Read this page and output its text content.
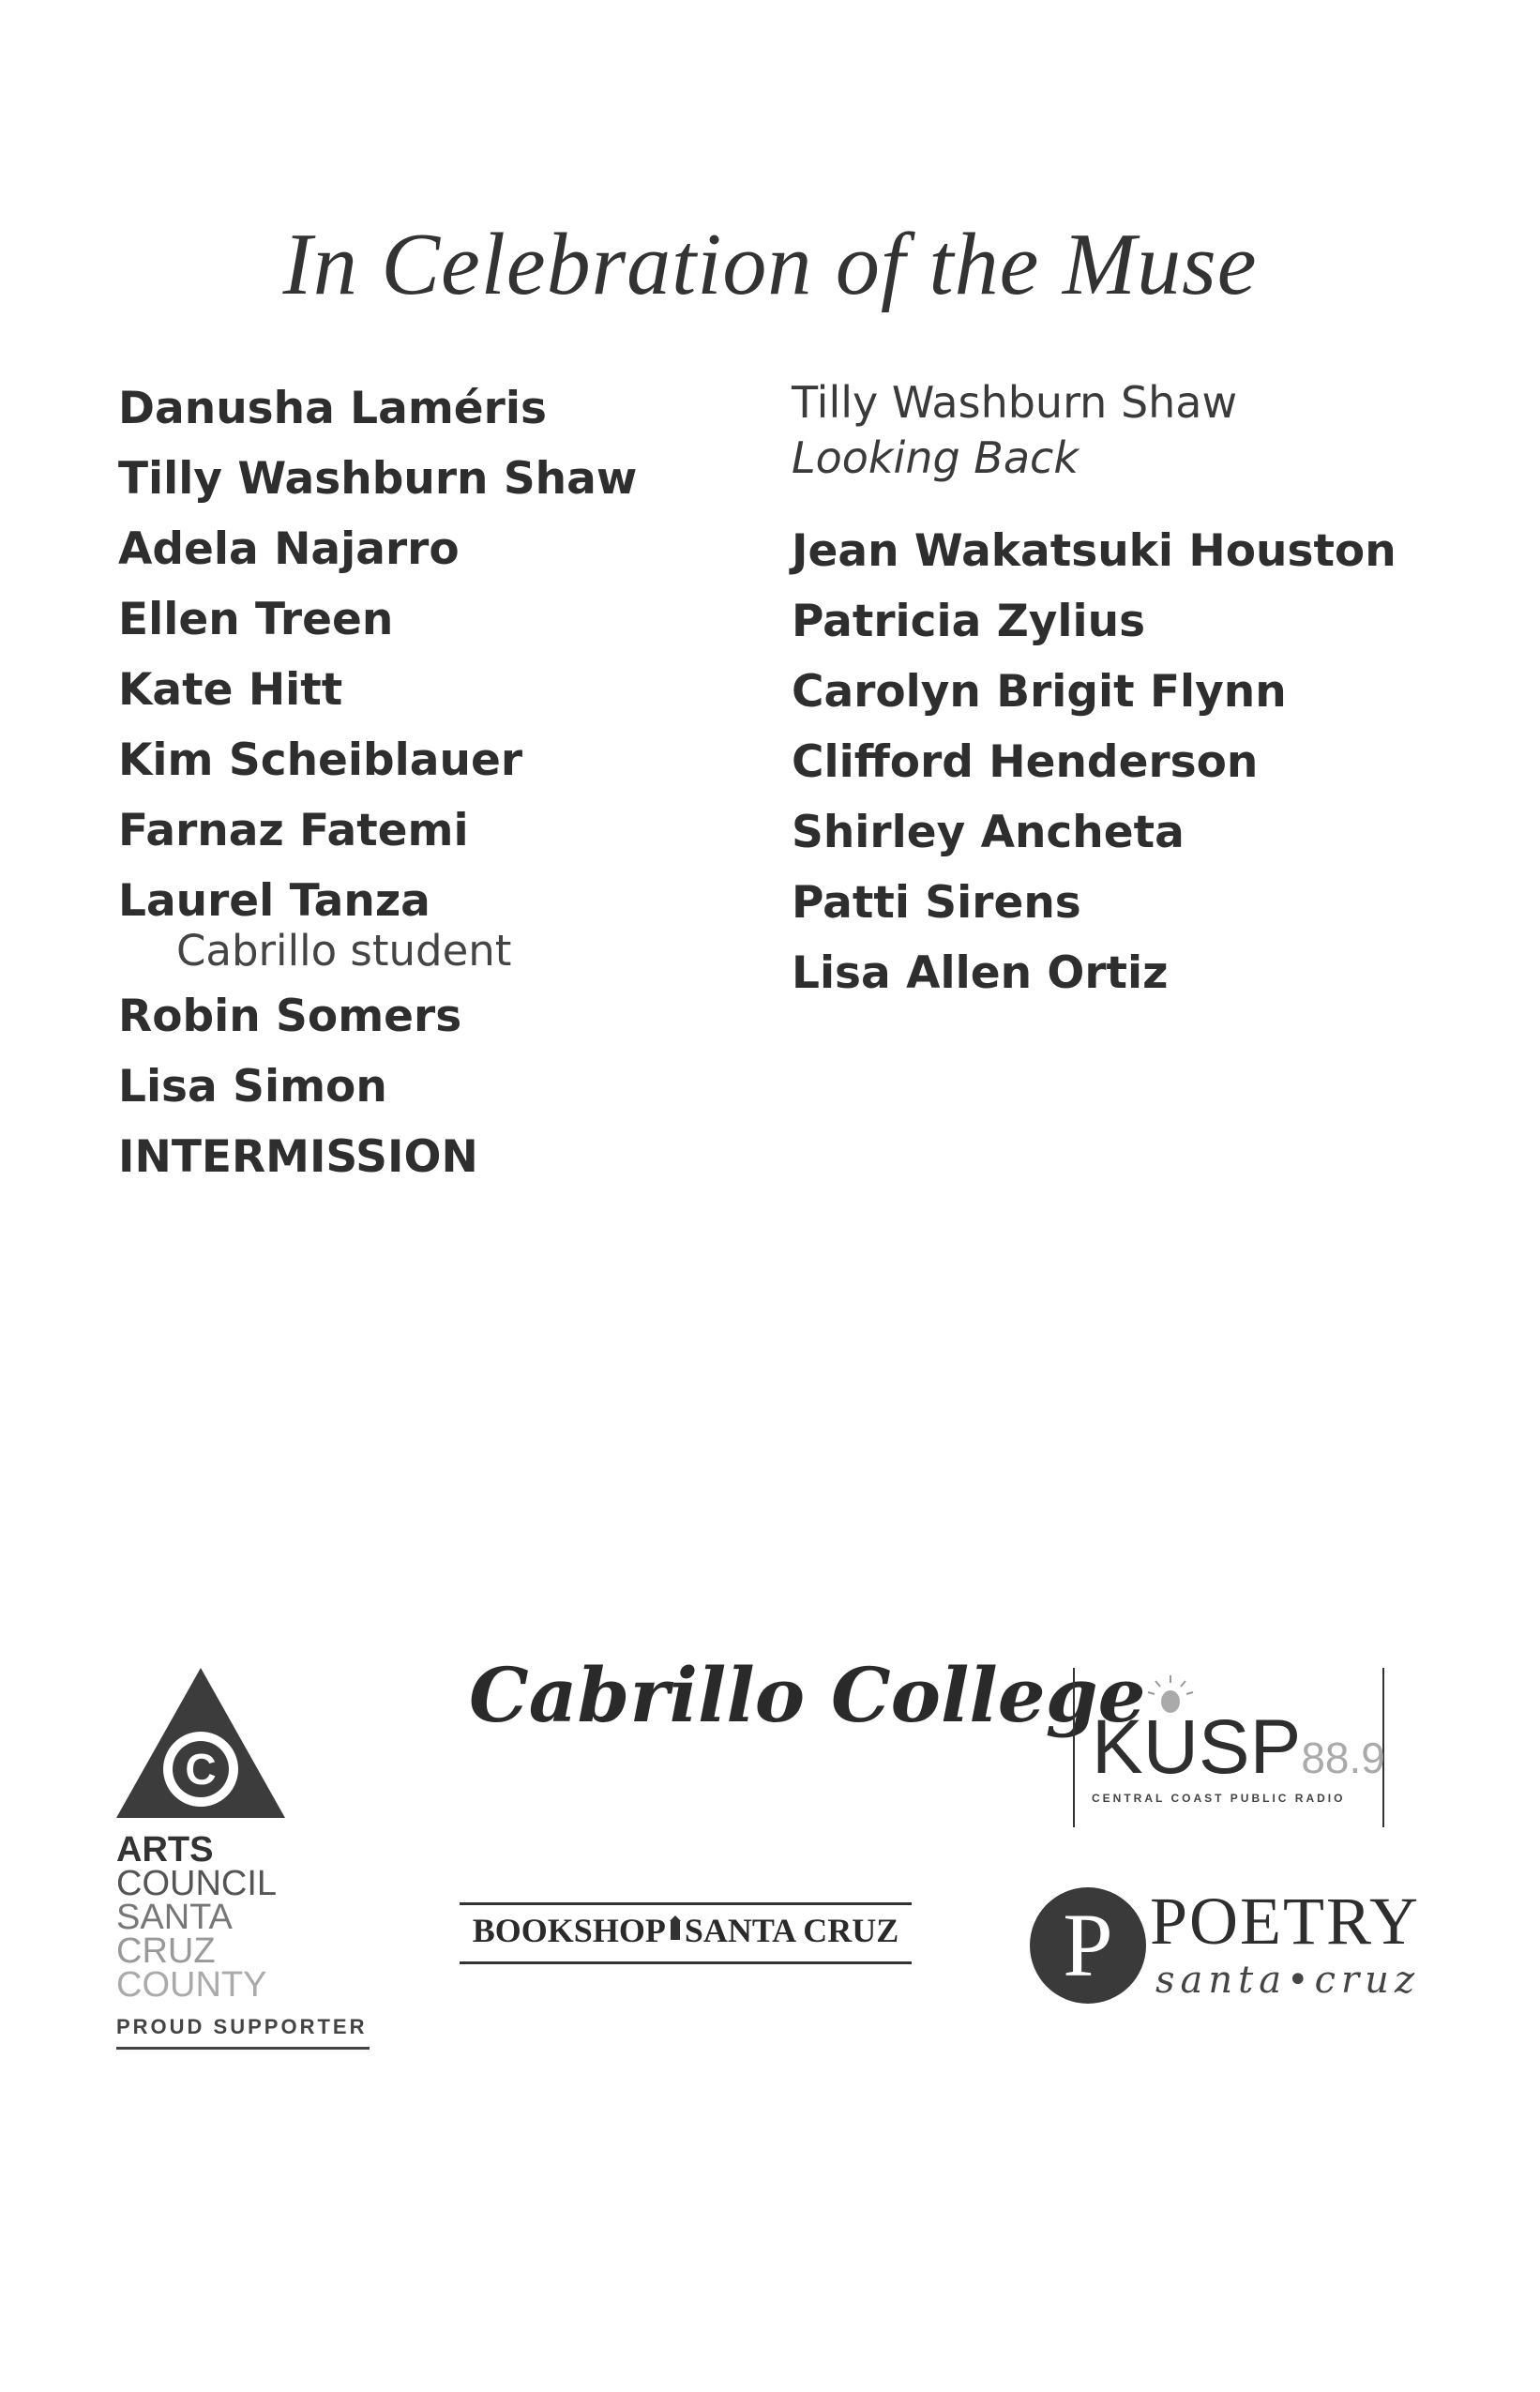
In Celebration of the Muse
Danusha Laméris
Tilly Washburn Shaw
Adela Najarro
Ellen Treen
Kate Hitt
Kim Scheiblauer
Farnaz Fatemi
Laurel Tanza
Cabrillo student
Robin Somers
Lisa Simon
INTERMISSION
Tilly Washburn Shaw
Looking Back
Jean Wakatsuki Houston
Patricia Zylius
Carolyn Brigit Flynn
Clifford Henderson
Shirley Ancheta
Patti Sirens
Lisa Allen Ortiz
C
ARTS
COUNCIL
SANTA
CRUZ
COUNTY
PROUD SUPPORTER
Cabrillo College
KUSP88.9
CENTRAL COAST PUBLIC RADIO
BOOKSHOP SANTA CRUZ	P POETRY
santa•cruz
